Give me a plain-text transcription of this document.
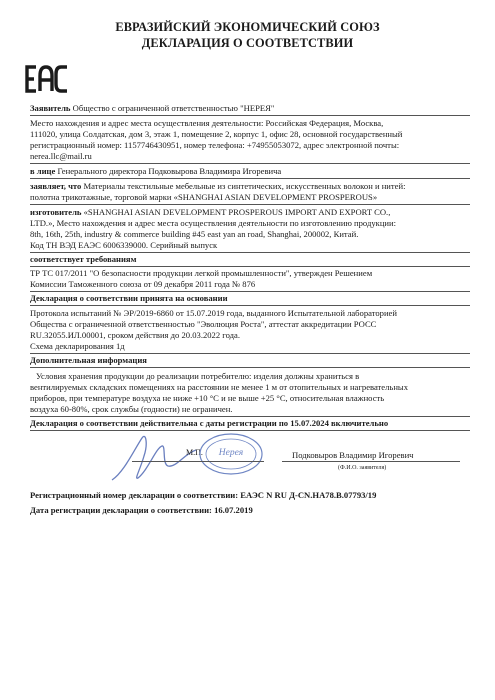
ЕВРАЗИЙСКИЙ ЭКОНОМИЧЕСКИЙ СОЮЗ
ДЕКЛАРАЦИЯ О СООТВЕТСТВИИ
Заявитель Общество с ограниченной ответственностью "НЕРЕЯ"
Место нахождения и адрес места осуществления деятельности: Российская Федерация, Москва,
111020, улица Солдатская, дом 3, этаж 1, помещение 2, корпус 1, офис 28, основной государственный
регистрационный номер: 1157746430951, номер телефона: +74955053072, адрес электронной почты:
nerea.llc@mail.ru
в лице Генерального директора Подковырова Владимира Игоревича
заявляет, что Материалы текстильные мебельные из синтетических, искусственных волокон и нитей:
полотна трикотажные, торговой марки «SHANGHAI ASIAN DEVELOPMENT PROSPEROUS»
изготовитель «SHANGHAI ASIAN DEVELOPMENT PROSPEROUS IMPORT AND EXPORT CO.,
LTD.», Место нахождения и адрес места осуществления деятельности по изготовлению продукции:
8th, 16th, 25th, industry & commerce building #45 east yan an road, Shanghai, 200002, Китай.
Код ТН ВЭД ЕАЭС 6006339000. Серийный выпуск
соответствует требованиям
ТР ТС 017/2011 "О безопасности продукции легкой промышленности", утвержден Решением
Комиссии Таможенного союза от 09 декабря 2011 года № 876
Декларация о соответствии принята на основании
Протокола испытаний № ЭР/2019-6860 от 15.07.2019 года, выданного Испытательной лабораторией
Общества с ограниченной ответственностью "Эволюция Роста", аттестат аккредитации РОСС
RU.32055.ИЛ.00001, сроком действия до 20.03.2022 года.
Схема декларирования 1д
Дополнительная информация
Условия хранения продукции до реализации потребителю: изделия должны храниться в
вентилируемых складских помещениях на расстоянии не менее 1 м от отопительных и нагревательных
приборов, при температуре воздуха не ниже +10 °С и не выше +25 °С, относительная влажность
воздуха 60-80%, срок службы (годности) не ограничен.
Декларация о соответствии действительна с даты регистрации по 15.07.2024 включительно
М.П.	Нерея	Подковыров Владимир Игоревич
(Ф.И.О. заявителя)
Регистрационный номер декларации о соответствии: ЕАЭС N RU Д-CN.НА78.В.07793/19
Дата регистрации декларации о соответствии: 16.07.2019
